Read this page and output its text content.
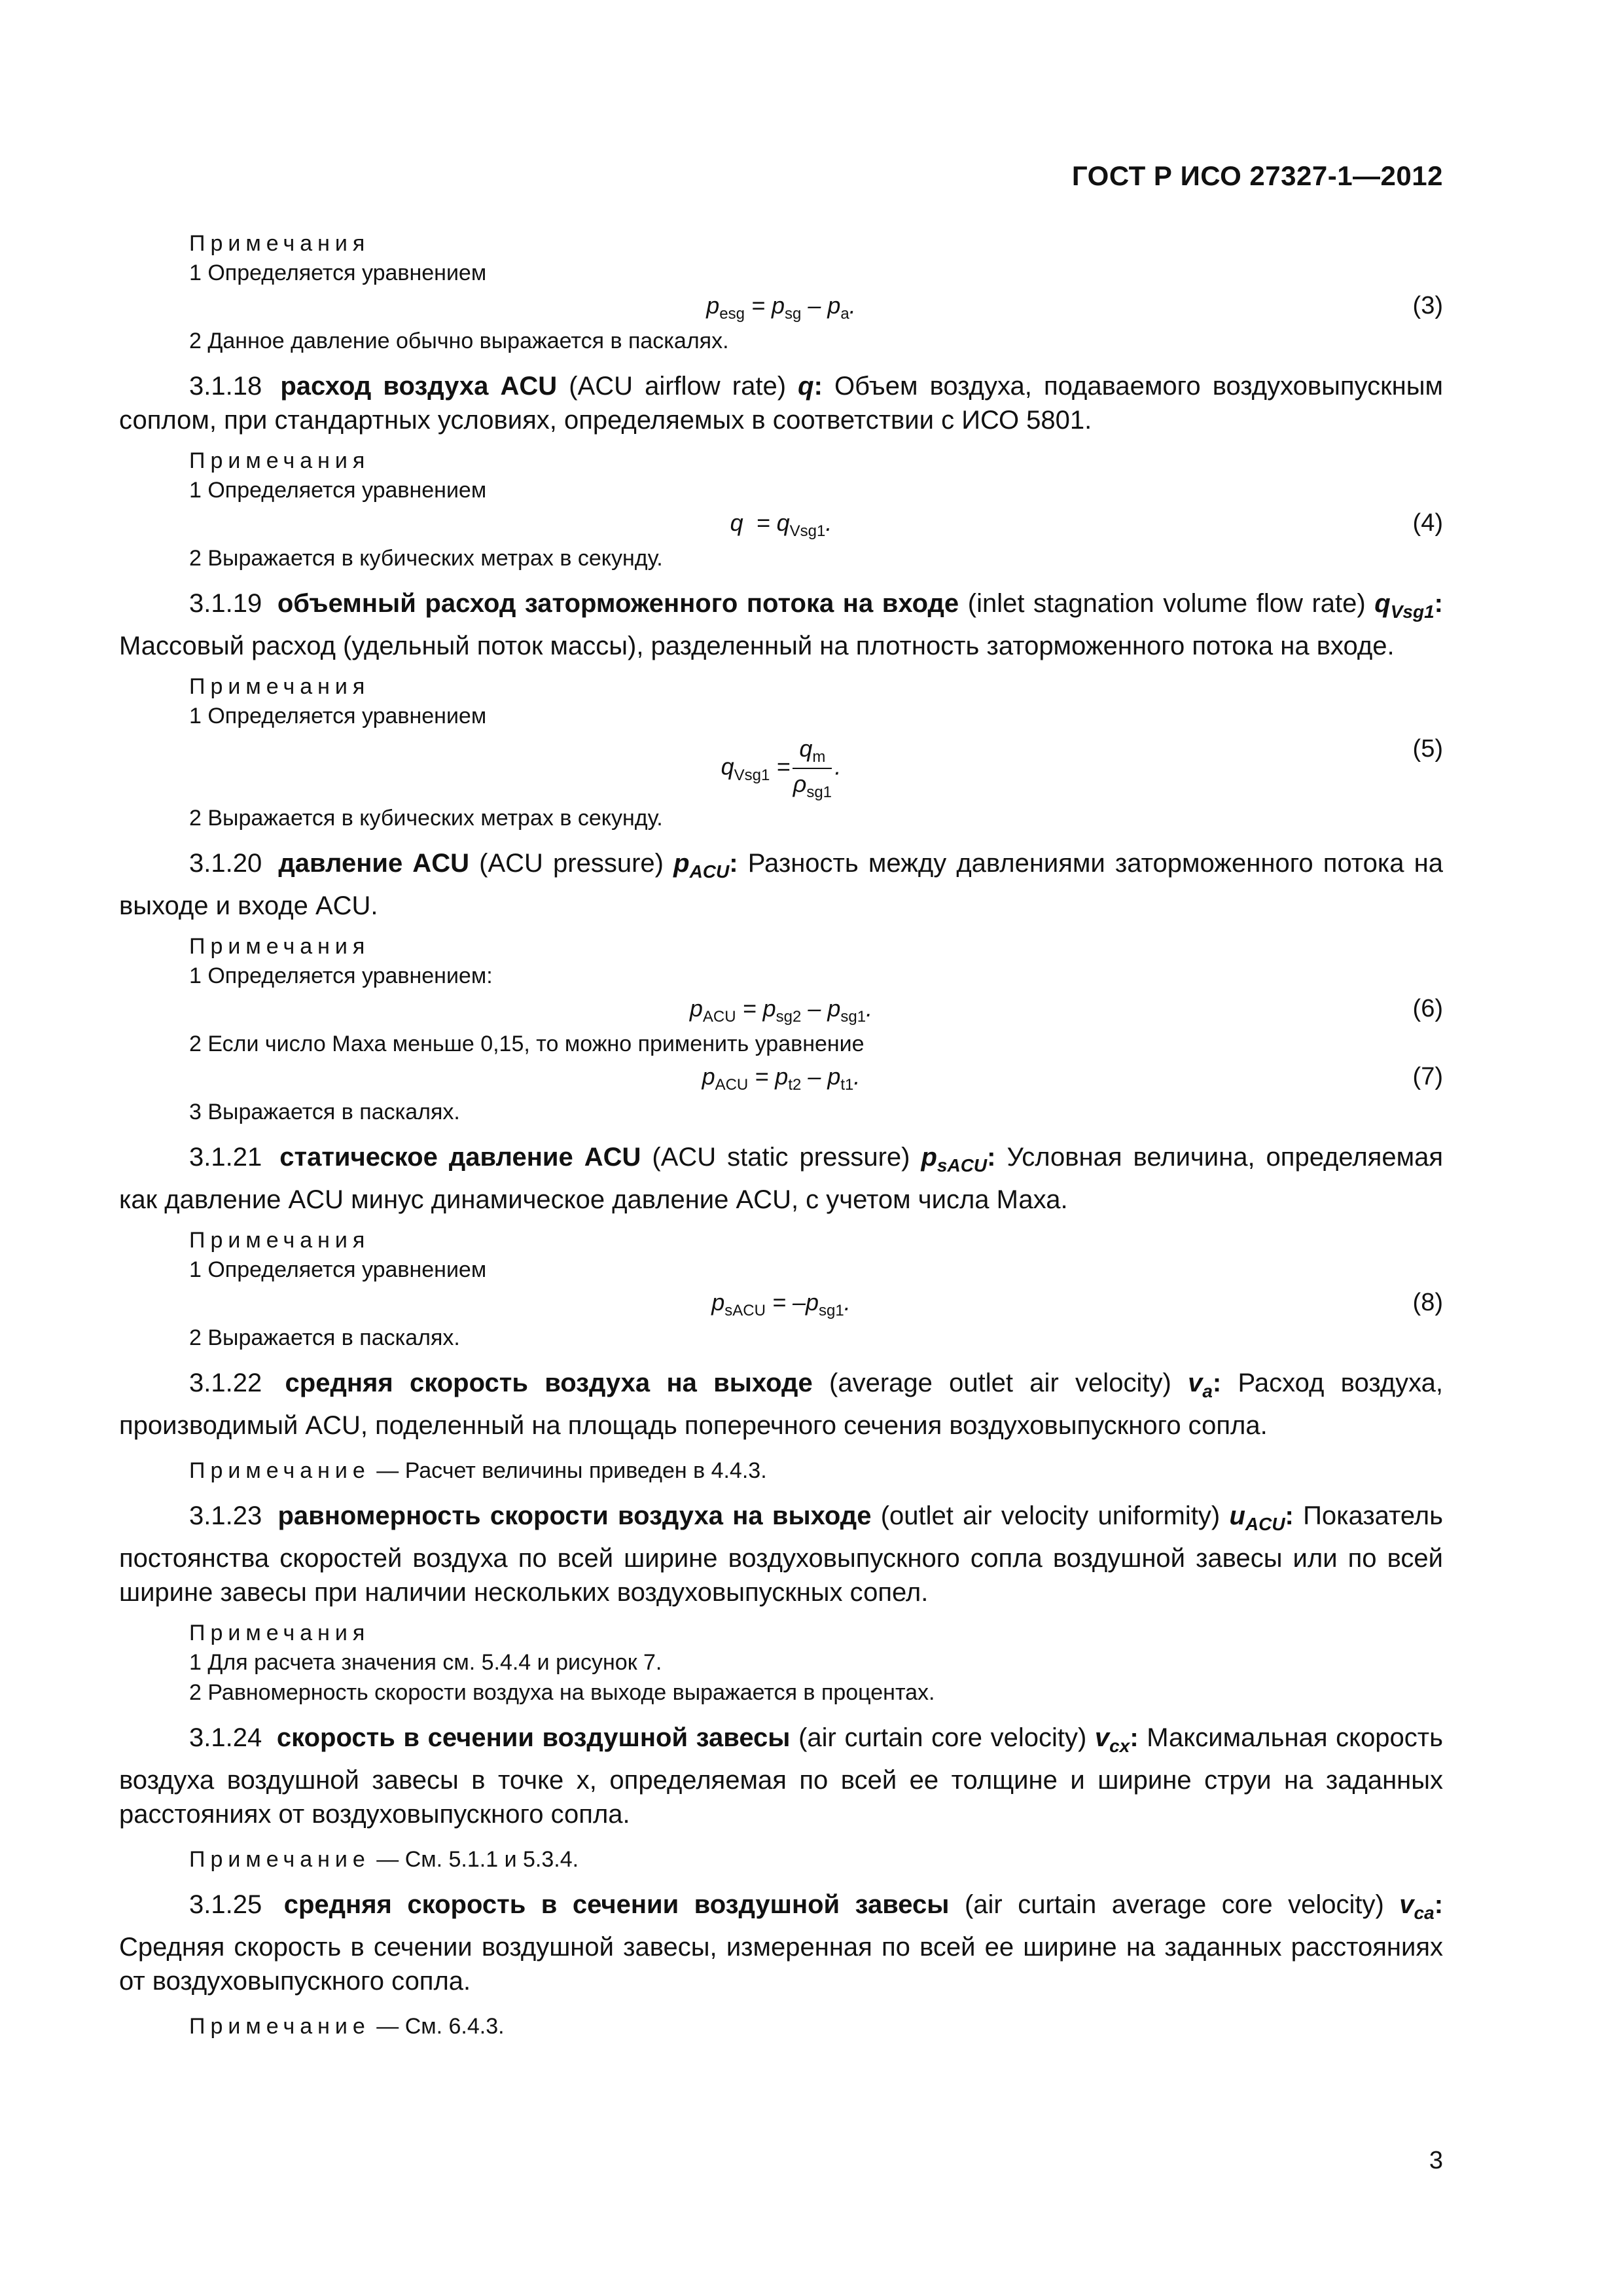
ГОСТ Р ИСО 27327-1—2012
Примечания
1 Определяется уравнением
$p_{esg} = p_{sg} - p_a$.	(3)
2 Данное давление обычно выражается в паскалях.
3.1.18 расход воздуха ACU (ACU airflow rate) q: Объем воздуха, подаваемого воздуховыпускным соплом, при стандартных условиях, определяемых в соответствии с ИСО 5801.
Примечания
1 Определяется уравнением
$q = q_{Vsg1}$.	(4)
2 Выражается в кубических метрах в секунду.
3.1.19 объемный расход заторможенного потока на входе (inlet stagnation volume flow rate) $q_{Vsg1}$: Массовый расход (удельный поток массы), разделенный на плотность заторможенного потока на входе.
Примечания
1 Определяется уравнением
$q_{Vsg1} = \frac{q_m}{\rho_{sg1}}$ .
(5)
2 Выражается в кубических метрах в секунду.
3.1.20 давление ACU (ACU pressure) $p_{ACU}$: Разность между давлениями заторможенного потока на выходе и входе ACU.
Примечания
1 Определяется уравнением:
$p_{ACU} = p_{sg2} - p_{sg1}$.	(6)
2 Если число Маха меньше 0,15, то можно применить уравнение
$p_{ACU} = p_{t2} - p_{t1}$.	(7)
3 Выражается в паскалях.
3.1.21 статическое давление ACU (ACU static pressure) $p_{sACU}$: Условная величина, определяемая как давление ACU минус динамическое давление ACU, с учетом числа Маха.
Примечания
1 Определяется уравнением
$p_{sACU} = -p_{sg1}$.	(8)
2 Выражается в паскалях.
3.1.22 средняя скорость воздуха на выходе (average outlet air velocity) $v_a$: Расход воздуха, производимый ACU, поделенный на площадь поперечного сечения воздуховыпускного сопла.
Примечание — Расчет величины приведен в 4.4.3.
3.1.23 равномерность скорости воздуха на выходе (outlet air velocity uniformity) $u_{ACU}$: Показатель постоянства скоростей воздуха по всей ширине воздуховыпускного сопла воздушной завесы или по всей ширине завесы при наличии нескольких воздуховыпускных сопел.
Примечания
1 Для расчета значения см. 5.4.4 и рисунок 7.
2 Равномерность скорости воздуха на выходе выражается в процентах.
3.1.24 скорость в сечении воздушной завесы (air curtain core velocity) $v_{cx}$: Максимальная скорость воздуха воздушной завесы в точке x, определяемая по всей ее толщине и ширине струи на заданных расстояниях от воздуховыпускного сопла.
Примечание — См. 5.1.1 и 5.3.4.
3.1.25 средняя скорость в сечении воздушной завесы (air curtain average core velocity) $v_{ca}$: Средняя скорость в сечении воздушной завесы, измеренная по всей ее ширине на заданных расстояниях от воздуховыпускного сопла.
Примечание — См. 6.4.3.
3
